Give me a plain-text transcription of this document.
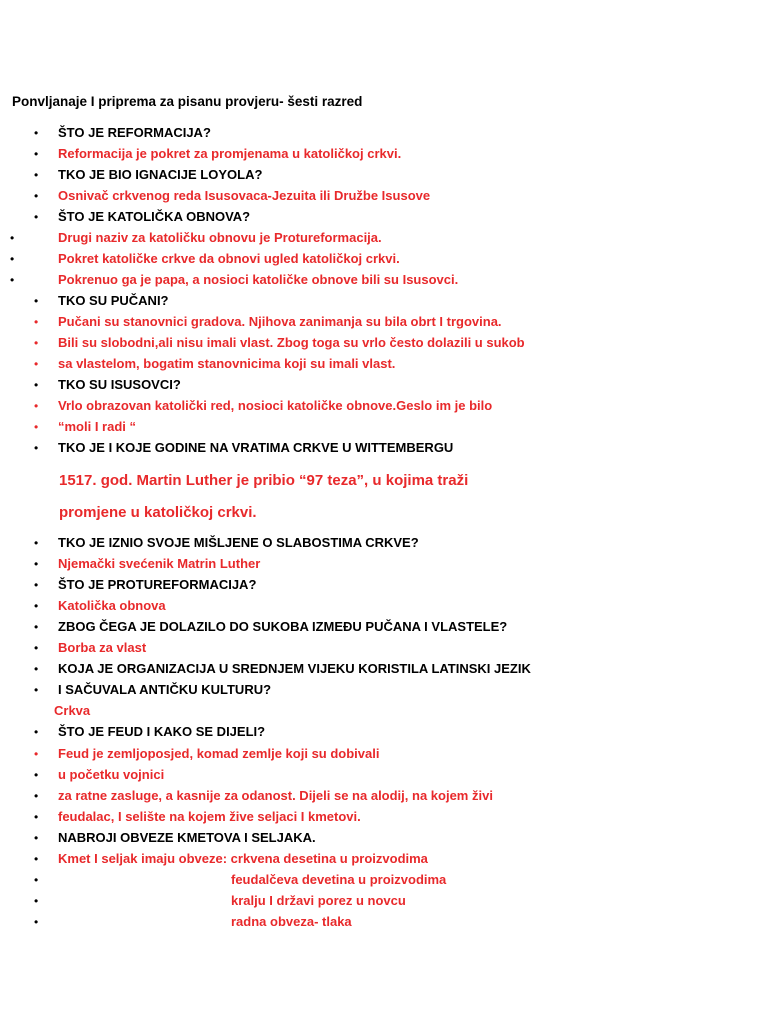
Ponvljanaje I priprema za pisanu provjeru- šesti razred
• ŠTO JE REFORMACIJA?
• Reformacija je pokret za promjenama u katoličkoj crkvi.
• TKO JE BIO IGNACIJE LOYOLA?
• Osnivač crkvenog reda Isusovaca-Jezuita ili Družbe Isusove
• ŠTO JE KATOLIČKA OBNOVA?
•	Drugi naziv za katoličku obnovu je Protureformacija.
•	Pokret katoličke crkve da obnovi ugled katoličkoj crkvi.
•	Pokrenuo ga je papa, a nosioci katoličke obnove bili su Isusovci.
• TKO SU PUČANI?
• Pučani su stanovnici gradova. Njihova zanimanja su bila obrt I trgovina.
• Bili su slobodni,ali nisu imali vlast. Zbog toga su vrlo često dolazili u sukob
• sa vlastelom, bogatim stanovnicima koji su imali vlast.
• TKO SU ISUSOVCI?
• Vrlo obrazovan katolički red, nosioci katoličke obnove.Geslo im je bilo
• “moli I radi “
• TKO JE I KOJE GODINE NA VRATIMA CRKVE U WITTEMBERGU
1517. god. Martin Luther je pribio “97 teza”, u kojima traži
promjene u katoličkoj crkvi.
• TKO JE IZNIO SVOJE MIŠLJENE O SLABOSTIMA CRKVE?
• Njemački svećenik Matrin Luther
• ŠTO JE PROTUREFORMACIJA?
• Katolička obnova
• ZBOG ČEGA JE DOLAZILO DO SUKOBA IZMEĐU PUČANA I VLASTELE?
• Borba za vlast
• KOJA JE ORGANIZACIJA U SREDNJEM VIJEKU KORISTILA LATINSKI JEZIK
• I SAČUVALA ANTIČKU KULTURU?
Crkva
• ŠTO JE FEUD I KAKO SE DIJELI?
• Feud je zemljoposjed, komad zemlje koji su dobivali
• u početku vojnici
• za ratne zasluge, a kasnije za odanost. Dijeli se na alodij, na kojem živi
• feudalac, I selište na kojem žive seljaci I kmetovi.
• NABROJI OBVEZE KMETOVA I SELJAKA.
• Kmet I seljak imaju obveze: crkvena desetina u proizvodima
•	feudalčeva devetina u proizvodima
•	kralju I državi porez u novcu
•	radna obveza- tlaka
